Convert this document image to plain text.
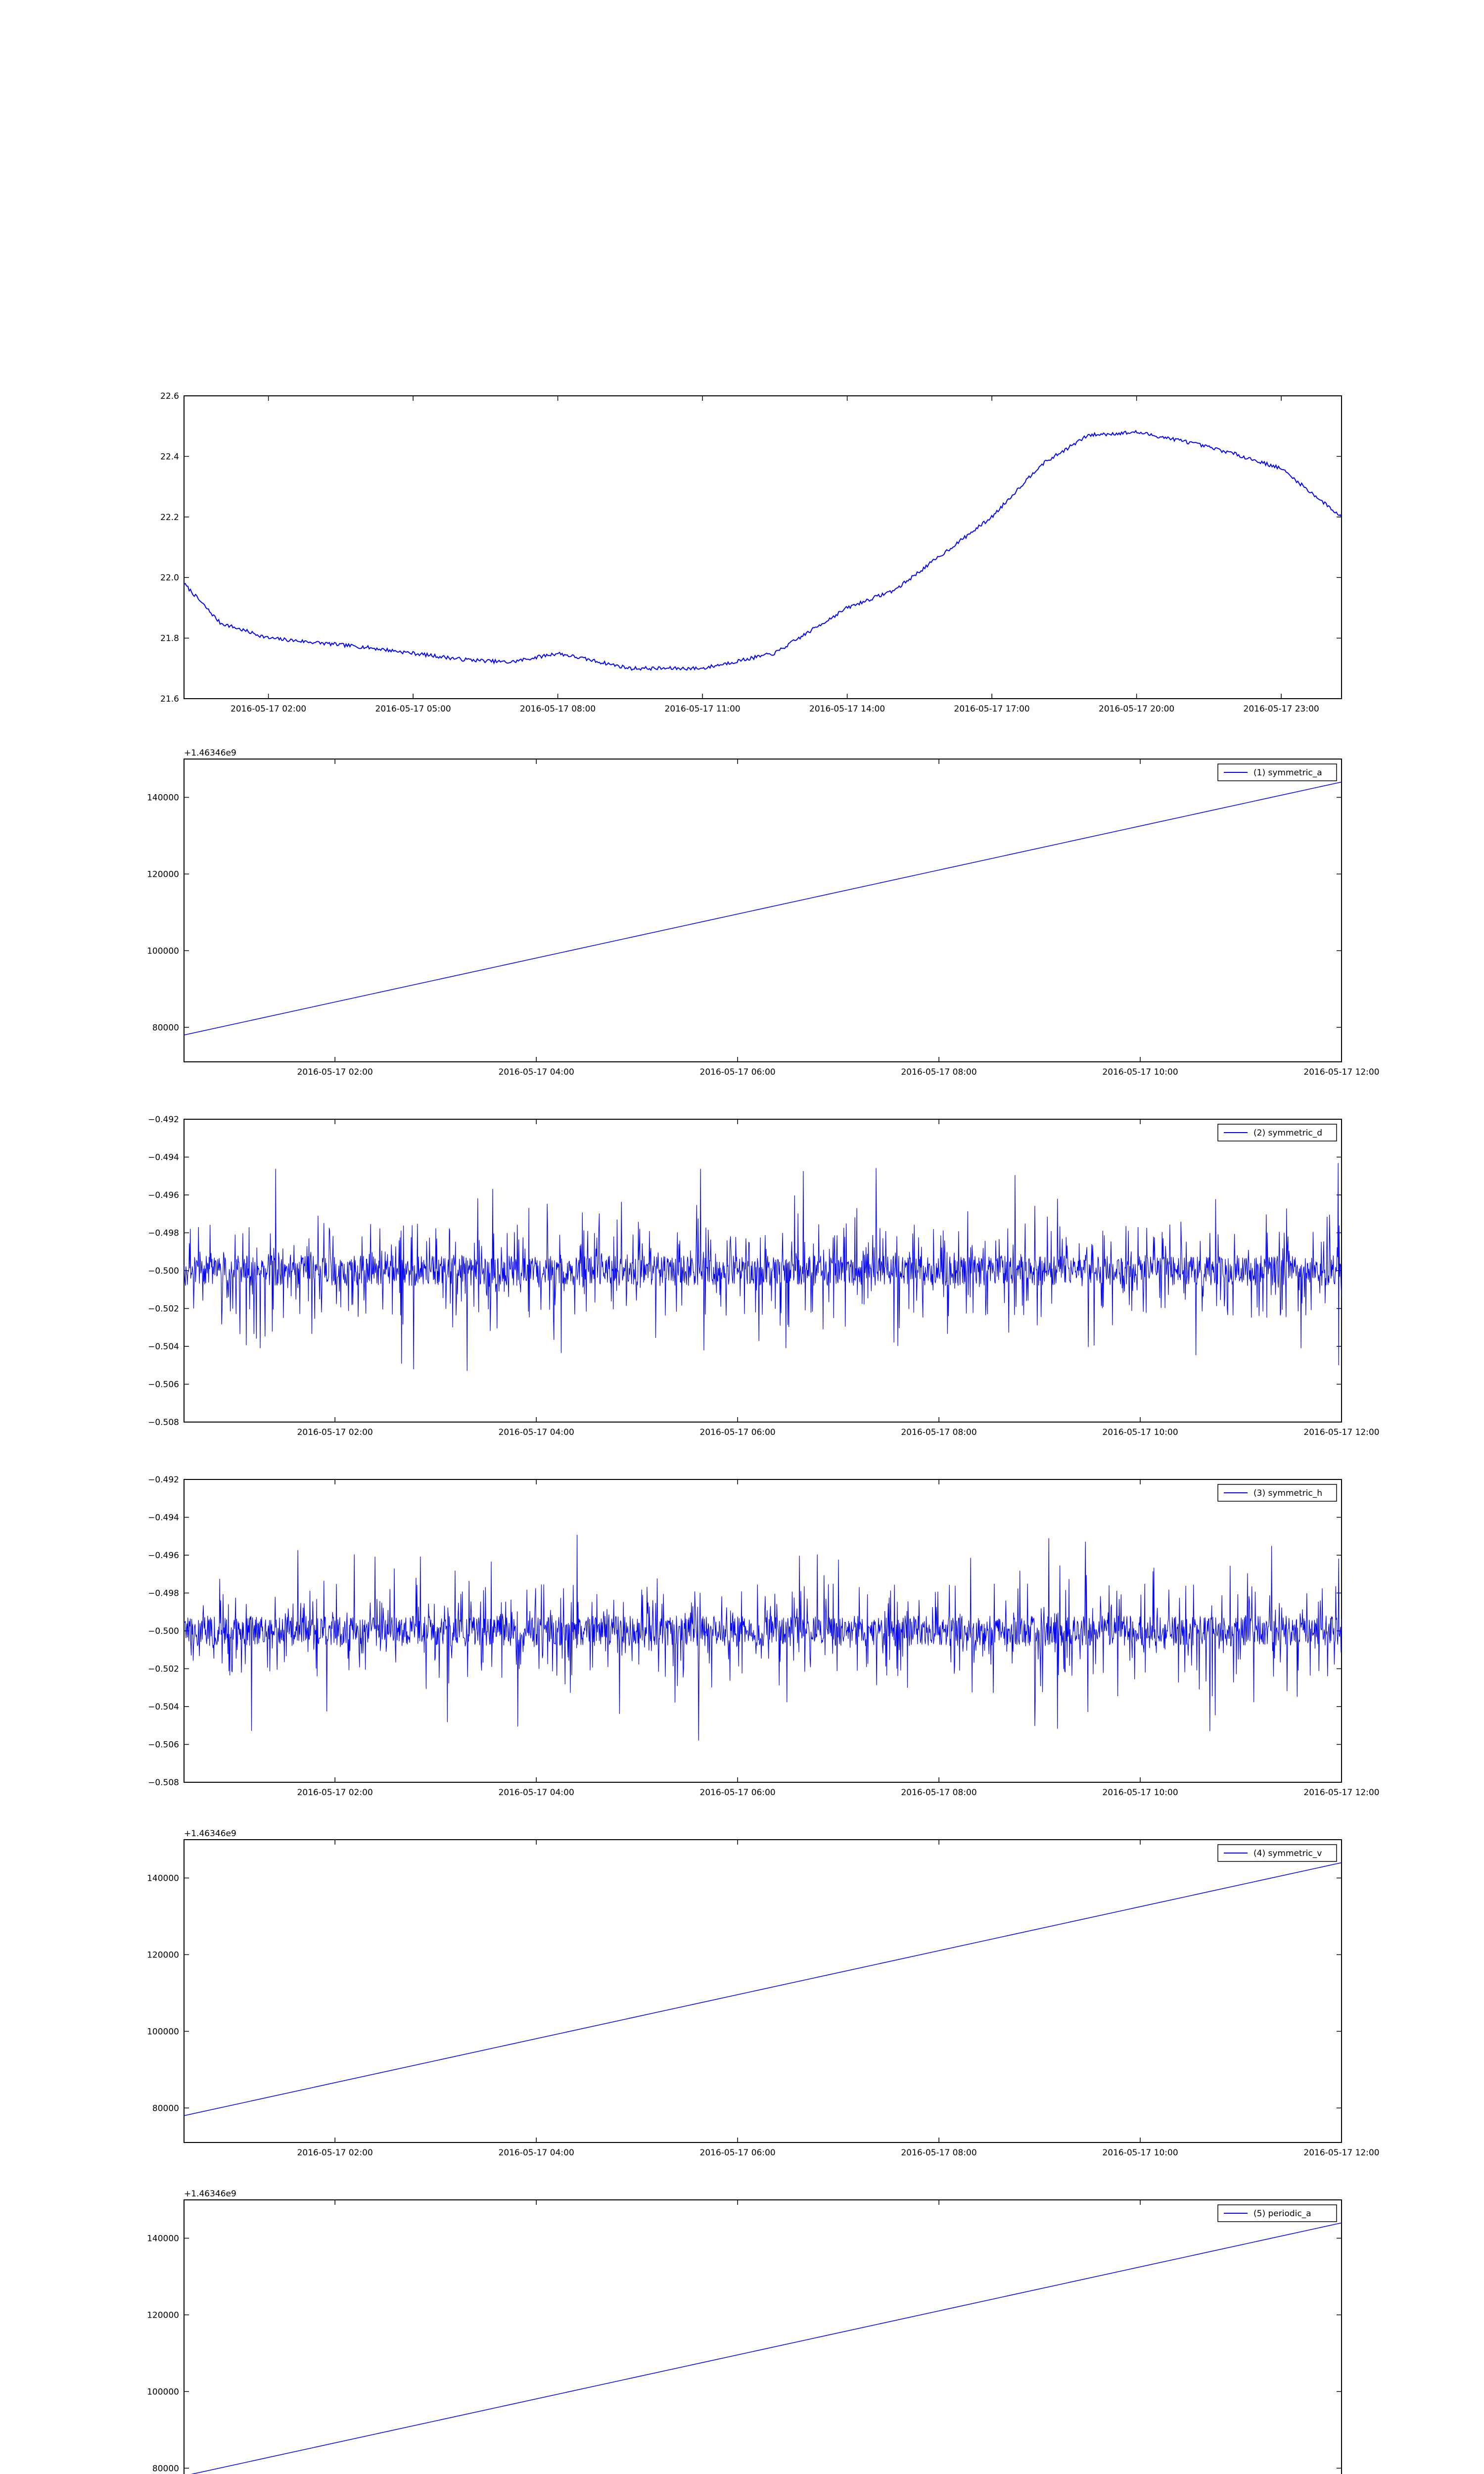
2016-05-17 02:00	2016-05-17 05:00	2016-05-17 08:00	2016-05-17 11:00	2016-05-17 14:00	2016-05-17 17:00	2016-05-17 20:00	2016-05-17 23:00
21.6
21.8
22.0
22.2
22.4
22.6
2016-05-17 02:00	2016-05-17 04:00	2016-05-17 06:00	2016-05-17 08:00	2016-05-17 10:00	2016-05-17 12:00
80000
100000
120000
140000
+1.46346e9
(1) symmetric_a
2016-05-17 02:00	2016-05-17 04:00	2016-05-17 06:00	2016-05-17 08:00	2016-05-17 10:00	2016-05-17 12:00
−0.492
−0.494
−0.496
−0.498
−0.500
−0.502
−0.504
−0.506
−0.508
(2) symmetric_d
2016-05-17 02:00	2016-05-17 04:00	2016-05-17 06:00	2016-05-17 08:00	2016-05-17 10:00	2016-05-17 12:00
−0.492
−0.494
−0.496
−0.498
−0.500
−0.502
−0.504
−0.506
−0.508
(3) symmetric_h
2016-05-17 02:00	2016-05-17 04:00	2016-05-17 06:00	2016-05-17 08:00	2016-05-17 10:00	2016-05-17 12:00
80000
100000
120000
140000
+1.46346e9
(4) symmetric_v
80000
100000
120000
140000
+1.46346e9
(5) periodic_a
